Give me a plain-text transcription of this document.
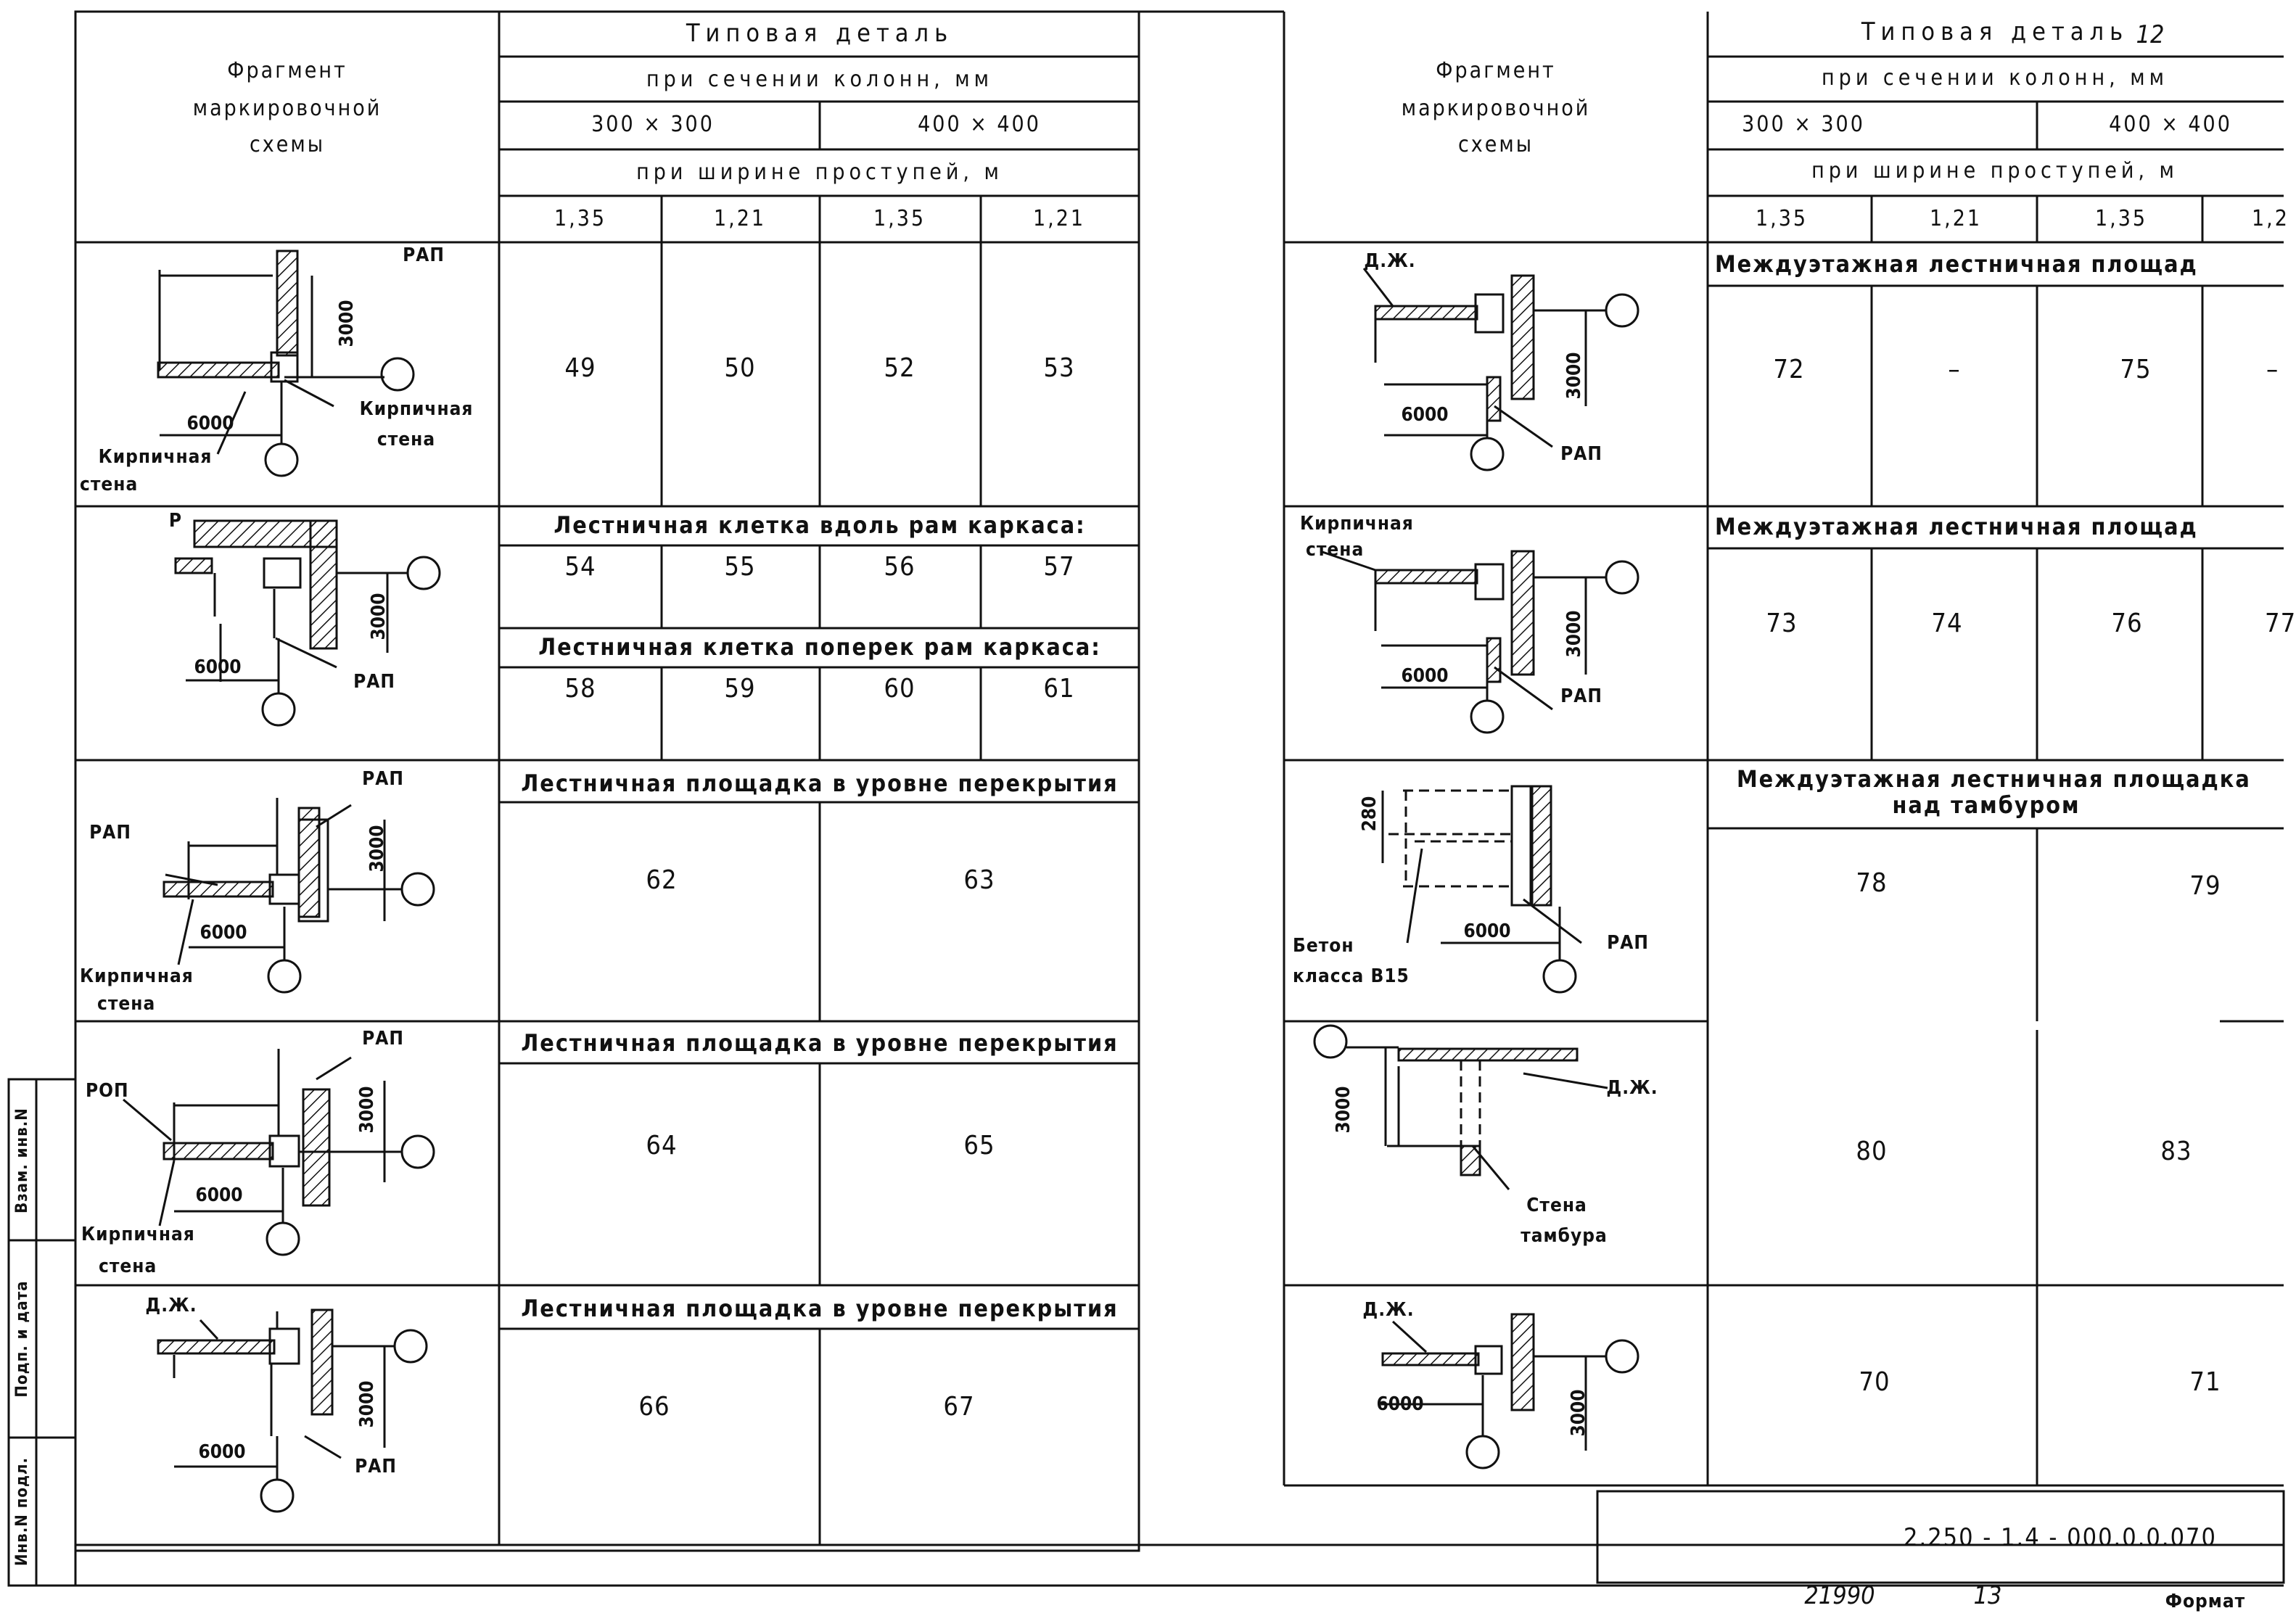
Фрагмент
маркировочной
схемы
Типовая деталь
при сечении колонн, мм
300 × 300	400 × 400
при ширине проступей, м
1,35	1,21	1,35	1,21
49	50	52	53
РАП
3000
6000
Кирпичная
стена
Кирпичная
стена
Лестничная клетка вдоль рам каркаса:
54	55	56	57
Лестничная клетка поперек рам каркаса:
58	59	60	61
Р
3000
6000
РАП
Лестничная площадка в уровне перекрытия
62	63
РАП
РАП	3000
6000
Кирпичная
стена
Лестничная площадка в уровне перекрытия
64	65
РАП
РОП	3000
6000
Кирпичная
стена
Лестничная площадка в уровне перекрытия
66	67
Д.Ж.
3000
6000
РАП
Фрагмент
маркировочной
схемы
Типовая деталь 12
при сечении колонн, мм
300 × 300	400 × 400
при ширине проступей, м
1,35	1,21	1,35	1,2
Междуэтажная лестничная площад
72	–	75	–
Д.Ж.
3000
6000
РАП
Междуэтажная лестничная площад
73	74	76	77
Кирпичная
стена
3000
6000
РАП
Междуэтажная лестничная площадка
над тамбуром
78	79
280
6000
РАП
Бетон
класса В15
80	83
3000	Д.Ж.
Стена
тамбура
70	71
Д.Ж.
6000	3000
Инв.N подл.
Подп. и дата
Взам. инв.N
2.250 - 1.4 - 000.0.0.070
21990	13	Формат
